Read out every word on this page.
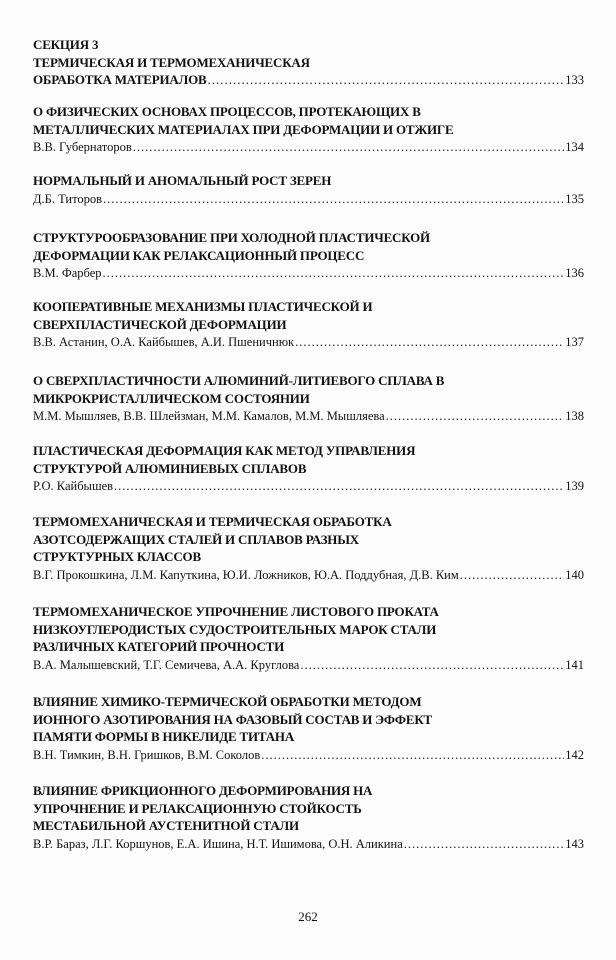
СЕКЦИЯ 3
ТЕРМИЧЕСКАЯ И ТЕРМОМЕХАНИЧЕСКАЯ
ОБРАБОТКА МАТЕРИАЛОВ .....	133
О ФИЗИЧЕСКИХ ОСНОВАХ ПРОЦЕССОВ, ПРОТЕКАЮЩИХ В
МЕТАЛЛИЧЕСКИХ МАТЕРИАЛАХ ПРИ ДЕФОРМАЦИИ И ОТЖИГЕ
В.В. Губернаторов .....	134
НОРМАЛЬНЫЙ И АНОМАЛЬНЫЙ РОСТ ЗЕРЕН
Д.Б. Титоров .....	135
СТРУКТУРООБРАЗОВАНИЕ ПРИ ХОЛОДНОЙ ПЛАСТИЧЕСКОЙ
ДЕФОРМАЦИИ КАК РЕЛАКСАЦИОННЫЙ ПРОЦЕСС
В.М. Фарбер .....	136
КООПЕРАТИВНЫЕ МЕХАНИЗМЫ ПЛАСТИЧЕСКОЙ И
СВЕРХПЛАСТИЧЕСКОЙ ДЕФОРМАЦИИ
В.В. Астанин, О.А. Кайбышев, А.И. Пшеничнюк .....	137
О СВЕРХПЛАСТИЧНОСТИ АЛЮМИНИЙ-ЛИТИЕВОГО СПЛАВА В
МИКРОКРИСТАЛЛИЧЕСКОМ СОСТОЯНИИ
М.М. Мышляев, В.В. Шлейзман, М.М. Камалов, М.М. Мышляева .....	138
ПЛАСТИЧЕСКАЯ ДЕФОРМАЦИЯ КАК МЕТОД УПРАВЛЕНИЯ
СТРУКТУРОЙ АЛЮМИНИЕВЫХ СПЛАВОВ
Р.О. Кайбышев .....	139
ТЕРМОМЕХАНИЧЕСКАЯ И ТЕРМИЧЕСКАЯ ОБРАБОТКА
АЗОТСОДЕРЖАЩИХ СТАЛЕЙ И СПЛАВОВ РАЗНЫХ
СТРУКТУРНЫХ КЛАССОВ
В.Г. Прокошкина, Л.М. Капуткина, Ю.И. Ложников, Ю.А. Поддубная, Д.В. Ким .....	140
ТЕРМОМЕХАНИЧЕСКОЕ УПРОЧНЕНИЕ ЛИСТОВОГО ПРОКАТА
НИЗКОУГЛЕРОДИСТЫХ СУДОСТРОИТЕЛЬНЫХ МАРОК СТАЛИ
РАЗЛИЧНЫХ КАТЕГОРИЙ ПРОЧНОСТИ
В.А. Малышевский, Т.Г. Семичева, А.А. Круглова .....	141
ВЛИЯНИЕ ХИМИКО-ТЕРМИЧЕСКОЙ ОБРАБОТКИ МЕТОДОМ
ИОННОГО АЗОТИРОВАНИЯ НА ФАЗОВЫЙ СОСТАВ И ЭФФЕКТ
ПАМЯТИ ФОРМЫ В НИКЕЛИДЕ ТИТАНА
В.Н. Тимкин, В.Н. Гришков, В.М. Соколов .....	142
ВЛИЯНИЕ ФРИКЦИОННОГО ДЕФОРМИРОВАНИЯ НА
УПРОЧНЕНИЕ И РЕЛАКСАЦИОННУЮ СТОЙКОСТЬ
МЕСТАБИЛЬНОЙ АУСТЕНИТНОЙ СТАЛИ
В.Р. Бараз, Л.Г. Коршунов, Е.А. Ишина, Н.Т. Ишимова, О.Н. Аликина .....	143
262
